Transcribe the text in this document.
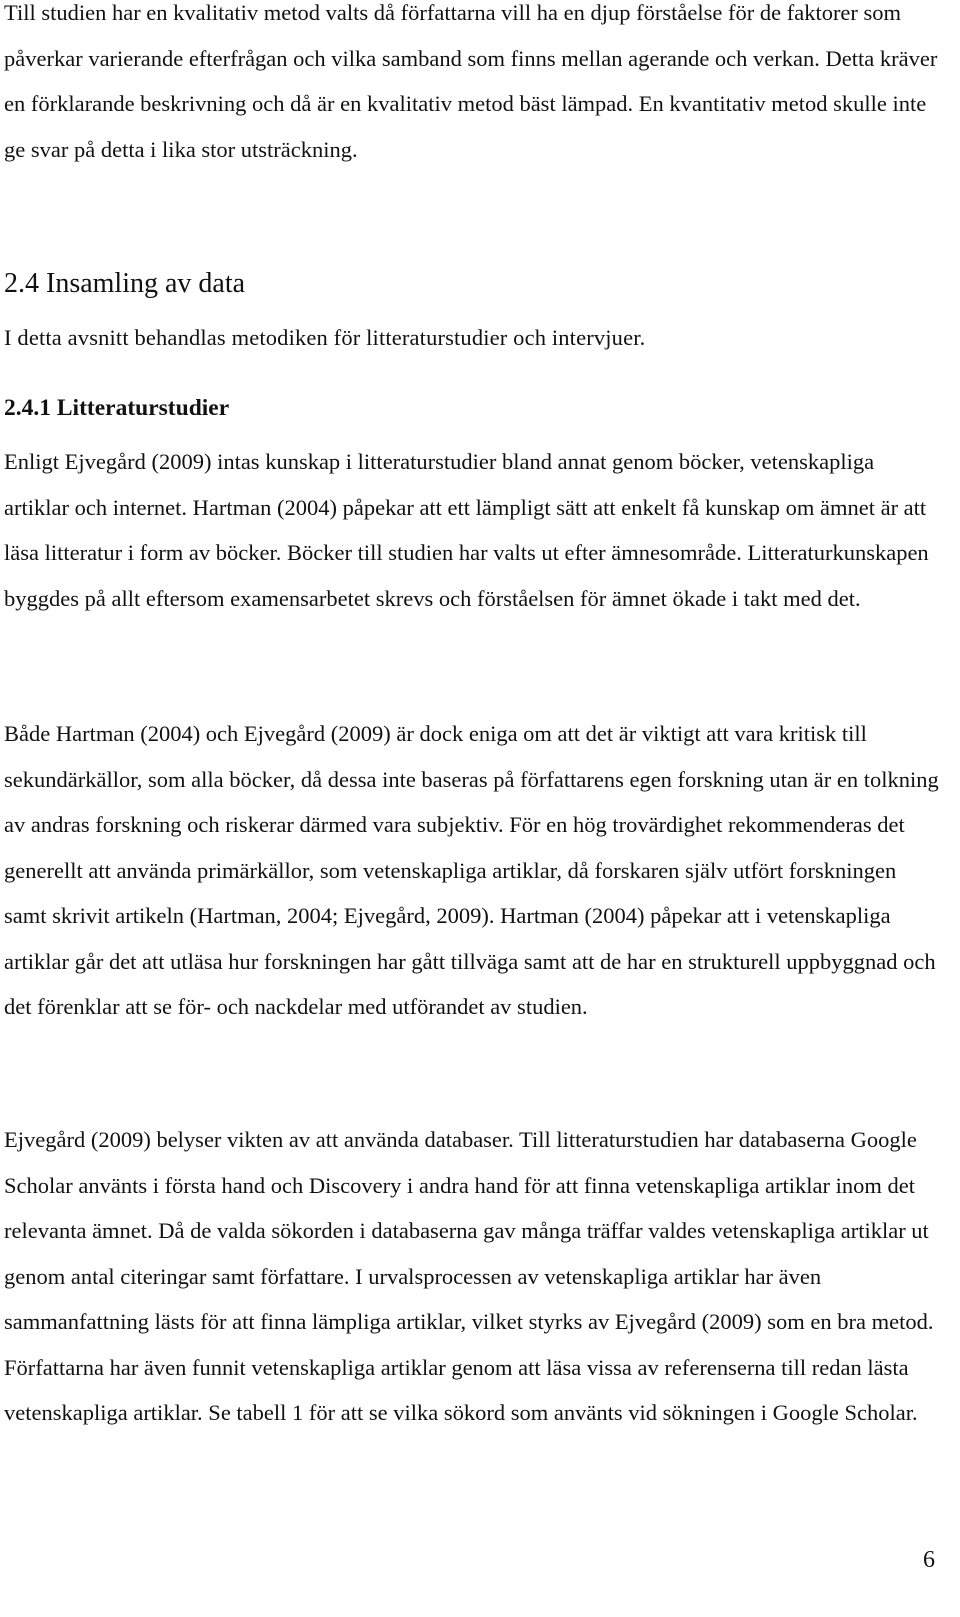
Till studien har en kvalitativ metod valts då författarna vill ha en djup förståelse för de faktorer som påverkar varierande efterfrågan och vilka samband som finns mellan agerande och verkan. Detta kräver en förklarande beskrivning och då är en kvalitativ metod bäst lämpad. En kvantitativ metod skulle inte ge svar på detta i lika stor utsträckning.

2.4 Insamling av data

I detta avsnitt behandlas metodiken för litteraturstudier och intervjuer.

2.4.1 Litteraturstudier

Enligt Ejvegård (2009) intas kunskap i litteraturstudier bland annat genom böcker, vetenskapliga artiklar och internet. Hartman (2004) påpekar att ett lämpligt sätt att enkelt få kunskap om ämnet är att läsa litteratur i form av böcker. Böcker till studien har valts ut efter ämnesområde. Litteraturkunskapen byggdes på allt eftersom examensarbetet skrevs och förståelsen för ämnet ökade i takt med det.

Både Hartman (2004) och Ejvegård (2009) är dock eniga om att det är viktigt att vara kritisk till sekundärkällor, som alla böcker, då dessa inte baseras på författarens egen forskning utan är en tolkning av andras forskning och riskerar därmed vara subjektiv. För en hög trovärdighet rekommenderas det generellt att använda primärkällor, som vetenskapliga artiklar, då forskaren själv utfört forskningen samt skrivit artikeln (Hartman, 2004; Ejvegård, 2009). Hartman (2004) påpekar att i vetenskapliga artiklar går det att utläsa hur forskningen har gått tillväga samt att de har en strukturell uppbyggnad och det förenklar att se för- och nackdelar med utförandet av studien.

Ejvegård (2009) belyser vikten av att använda databaser. Till litteraturstudien har databaserna Google Scholar använts i första hand och Discovery i andra hand för att finna vetenskapliga artiklar inom det relevanta ämnet. Då de valda sökorden i databaserna gav många träffar valdes vetenskapliga artiklar ut genom antal citeringar samt författare. I urvalsprocessen av vetenskapliga artiklar har även sammanfattning lästs för att finna lämpliga artiklar, vilket styrks av Ejvegård (2009) som en bra metod. Författarna har även funnit vetenskapliga artiklar genom att läsa vissa av referenserna till redan lästa vetenskapliga artiklar. Se tabell 1 för att se vilka sökord som använts vid sökningen i Google Scholar.

6
